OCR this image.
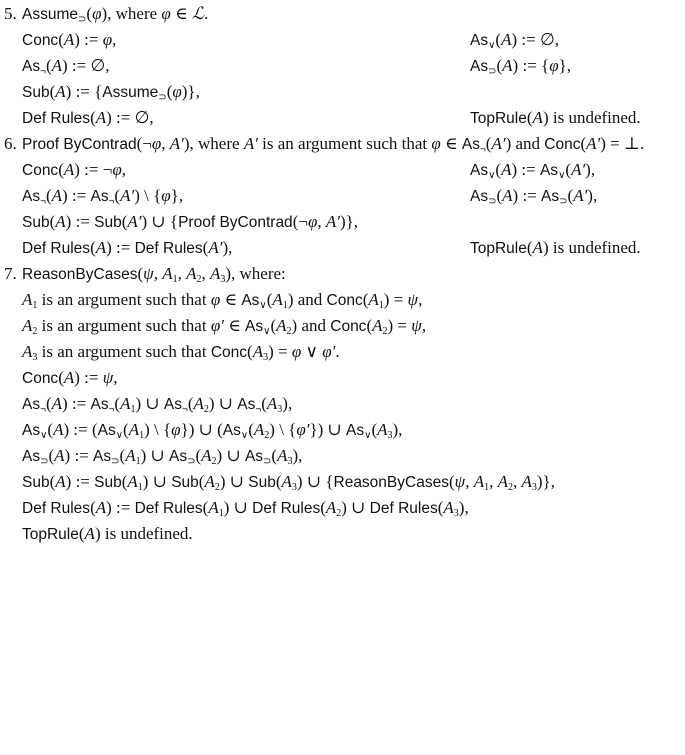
5. Assume$_⊃$(φ), where φ ∈ ℒ.
Conc(A) := φ,	$As_\vee(A)$ := ∅,
$As_\neg(A)$ := ∅,	$As_⊃(A)$ := {φ},
Sub(A) := {Assume$_⊃$(φ)},
Def Rules(A) := ∅,	TopRule(A) is undefined.
6. Proof ByContrad(¬φ, A′), where A′ is an argument such that φ ∈ $As_\neg(A')$ and Conc(A′) = ⊥.
Conc(A) := ¬φ,	$As_\vee(A)$ := $As_\vee(A')$,
$As_\neg(A)$ := $As_\neg(A')$ \ {φ},	$As_⊃(A)$ := $As_⊃(A')$,
Sub(A) := Sub(A′) ∪ {Proof ByContrad(¬φ, A′)},
Def Rules(A) := Def Rules(A′),	TopRule(A) is undefined.
7. ReasonByCases(ψ, $A_1$, $A_2$, $A_3$), where:
$A_1$ is an argument such that φ ∈ $As_\vee(A_1)$ and $Conc(A_1) = \psi$,
$A_2$ is an argument such that φ′ ∈ $As_\vee(A_2)$ and $Conc(A_2) = \psi$,
$A_3$ is an argument such that $Conc(A_3) = \varphi$ ∨ φ′.
Conc(A) := ψ,
$As_\neg(A)$ := $As_\neg(A_1)$ ∪ $As_\neg(A_2)$ ∪ $As_\neg(A_3)$,
$As_\vee(A)$ := ($As_\vee(A_1)$ \ {φ}) ∪ ($As_\vee(A_2)$ \ {φ′}) ∪ $As_\vee(A_3)$,
$As_⊃(A)$ := $As_⊃(A_1)$ ∪ $As_⊃(A_2)$ ∪ $As_⊃(A_3)$,
Sub(A) := $Sub(A_1)$ ∪ $Sub(A_2)$ ∪ $Sub(A_3)$ ∪ {ReasonByCases(ψ, $A_1$, $A_2$, $A_3$)},
Def Rules(A) := Def $Rules(A_1)$ ∪ Def $Rules(A_2)$ ∪ Def $Rules(A_3)$,
TopRule(A) is undefined.
